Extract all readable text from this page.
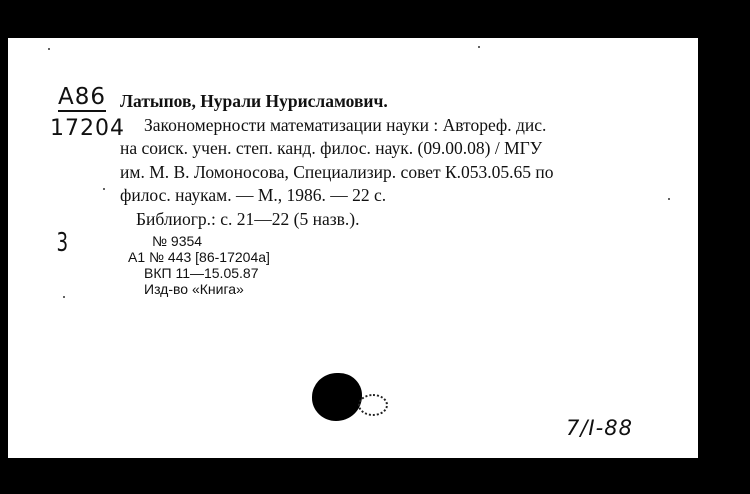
А86
17204
3

Латыпов, Нурали Нурисламович.

Закономерности математизации науки : Автореф. дис.

на соиск. учен. степ. канд. филос. наук. (09.00.08) / МГУ

им. М. В. Ломоносова, Специализир. совет К.053.05.65 по

филос. наукам. — М., 1986. — 22 с.

Библиогр.: с. 21—22 (5 назв.).

№ 9354
А1 № 443 [86-17204а]
ВКП 11—15.05.87
Изд-во «Книга»
7/I-88
